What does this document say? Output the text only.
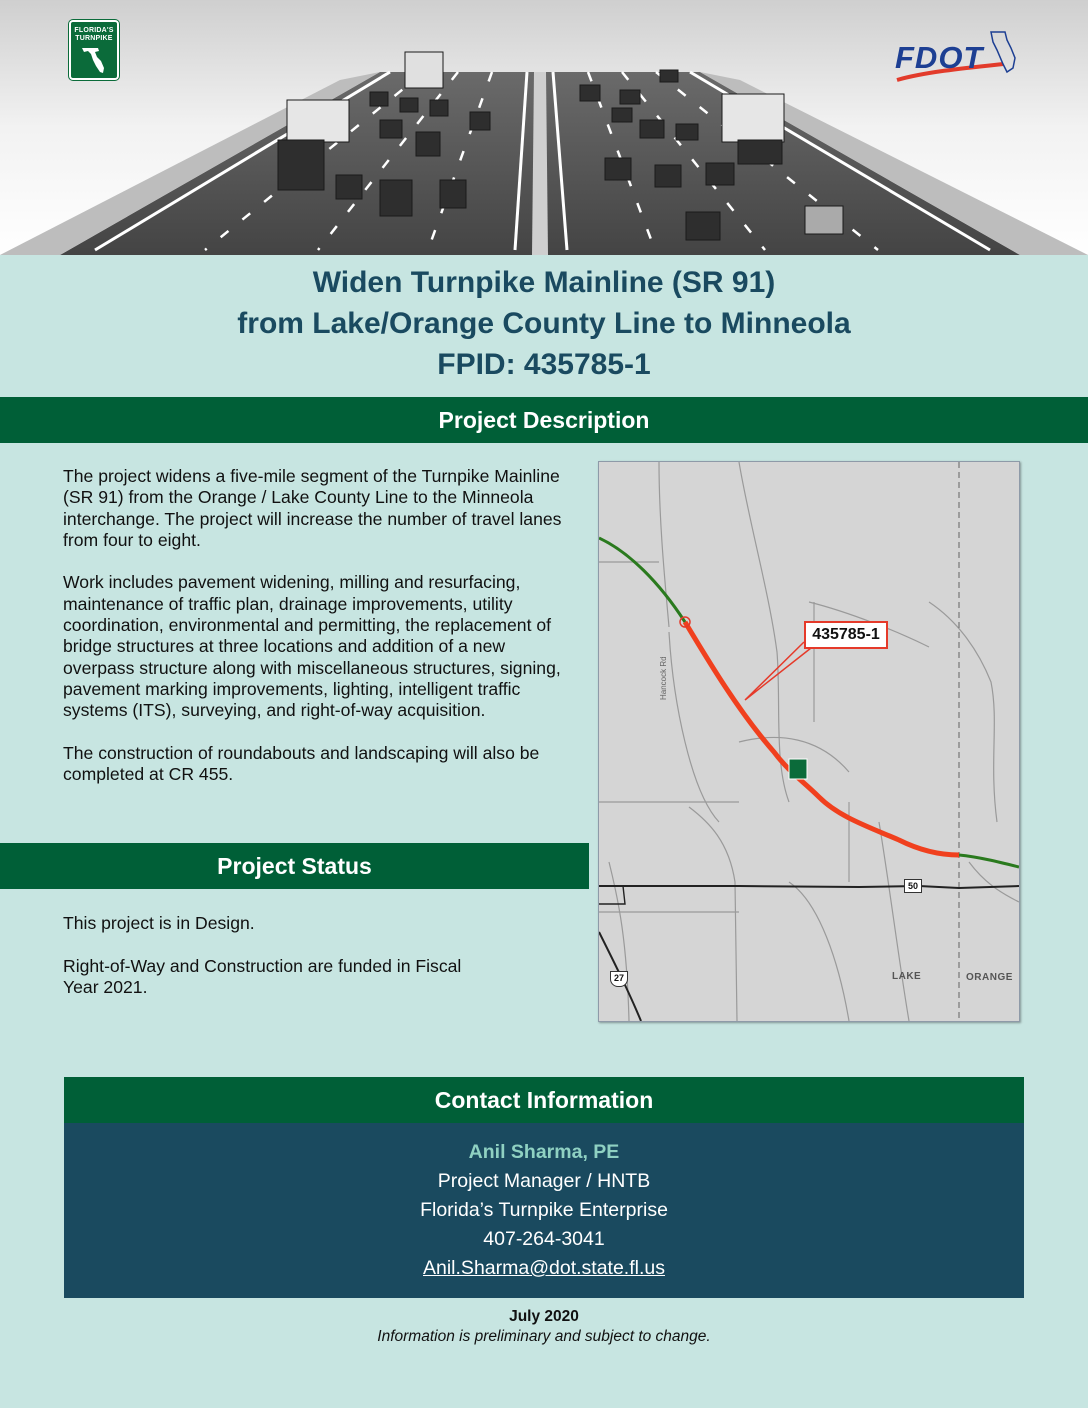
FLORIDA'S
TURNPIKE
FDOT
Widen Turnpike Mainline (SR 91)
from Lake/Orange County Line to Minneola
FPID: 435785-1
Project Description

The project widens a five-mile segment of the Turnpike Mainline (SR 91) from the Orange / Lake County Line to the Minneola interchange. The project will increase the number of travel lanes from four to eight.

Work includes pavement widening, milling and resurfacing, maintenance of traffic plan, drainage improvements, utility coordination, environmental and permitting, the replacement of bridge structures at three locations and addition of a new overpass structure along with miscellaneous structures, signing, pavement marking improvements, lighting, intelligent traffic systems (ITS), surveying, and right-of-way acquisition.

The construction of roundabouts and landscaping will also be completed at CR 455.

435785-1
Hancock Rd
50
27	LAKE	ORANGE
Project Status

This project is in Design.

Right-of-Way and Construction are funded in Fiscal Year 2021.

Contact Information
Anil Sharma, PE
Project Manager / HNTB
Florida’s Turnpike Enterprise
407-264-3041
Anil.Sharma@dot.state.fl.us
July 2020
Information is preliminary and subject to change.
